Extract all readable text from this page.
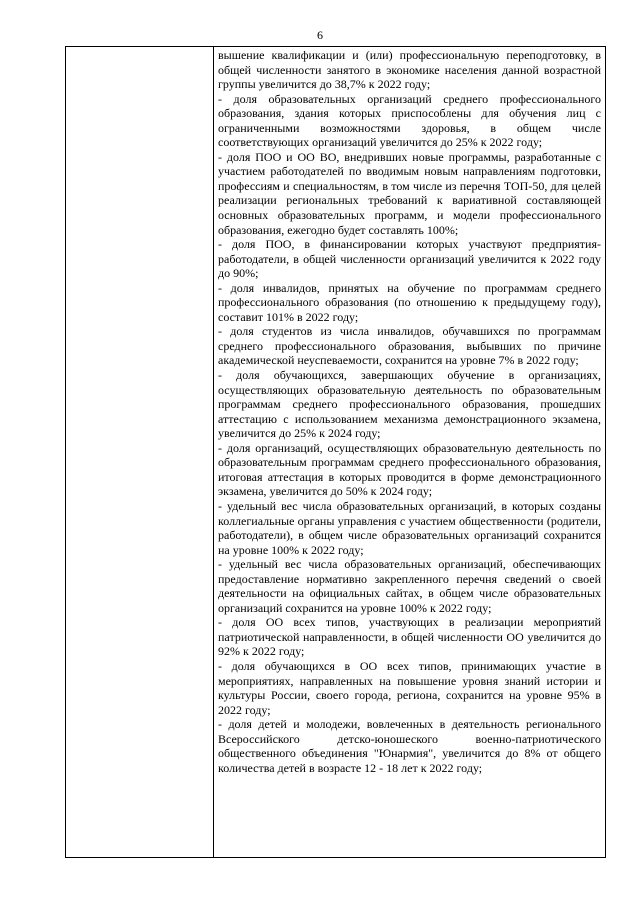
6

вышение квалификации и (или) профессиональную переподготовку, в общей численности занятого в экономике населения данной возрастной группы увеличится до 38,7% к 2022 году;

- доля образовательных организаций среднего профессионального образования, здания которых приспособлены для обучения лиц с ограниченными возможностями здоровья, в общем числе соответствующих организаций увеличится до 25% к 2022 году;

- доля ПОО и ОО ВО, внедривших новые программы, разработанные с участием работодателей по вводимым новым направлениям подготовки, профессиям и специальностям, в том числе из перечня ТОП-50, для целей реализации региональных требований к вариативной составляющей основных образовательных программ, и модели профессионального образования, ежегодно будет составлять 100%;

- доля ПОО, в финансировании которых участвуют предприятия-работодатели, в общей численности организаций увеличится к 2022 году до 90%;

- доля инвалидов, принятых на обучение по программам среднего профессионального образования (по отношению к предыдущему году), составит 101% в 2022 году;

- доля студентов из числа инвалидов, обучавшихся по программам среднего профессионального образования, выбывших по причине академической неуспеваемости, сохранится на уровне 7% в 2022 году;

- доля обучающихся, завершающих обучение в организациях, осуществляющих образовательную деятельность по образовательным программам среднего профессионального образования, прошедших аттестацию с использованием механизма демонстрационного экзамена, увеличится до 25% к 2024 году;

- доля организаций, осуществляющих образовательную деятельность по образовательным программам среднего профессионального образования, итоговая аттестация в которых проводится в форме демонстрационного экзамена, увеличится до 50% к 2024 году;

- удельный вес числа образовательных организаций, в которых созданы коллегиальные органы управления с участием общественности (родители, работодатели), в общем числе образовательных организаций сохранится на уровне 100% к 2022 году;

- удельный вес числа образовательных организаций, обеспечивающих предоставление нормативно закрепленного перечня сведений о своей деятельности на официальных сайтах, в общем числе образовательных организаций сохранится на уровне 100% к 2022 году;

- доля ОО всех типов, участвующих в реализации мероприятий патриотической направленности, в общей численности ОО увеличится до 92% к 2022 году;

- доля обучающихся в ОО всех типов, принимающих участие в мероприятиях, направленных на повышение уровня знаний истории и культуры России, своего города, региона, сохранится на уровне 95% в 2022 году;

- доля детей и молодежи, вовлеченных в деятельность регионального Всероссийского детско-юношеского военно-патриотического общественного объединения "Юнармия", увеличится до 8% от общего количества детей в возрасте 12 - 18 лет к 2022 году;
